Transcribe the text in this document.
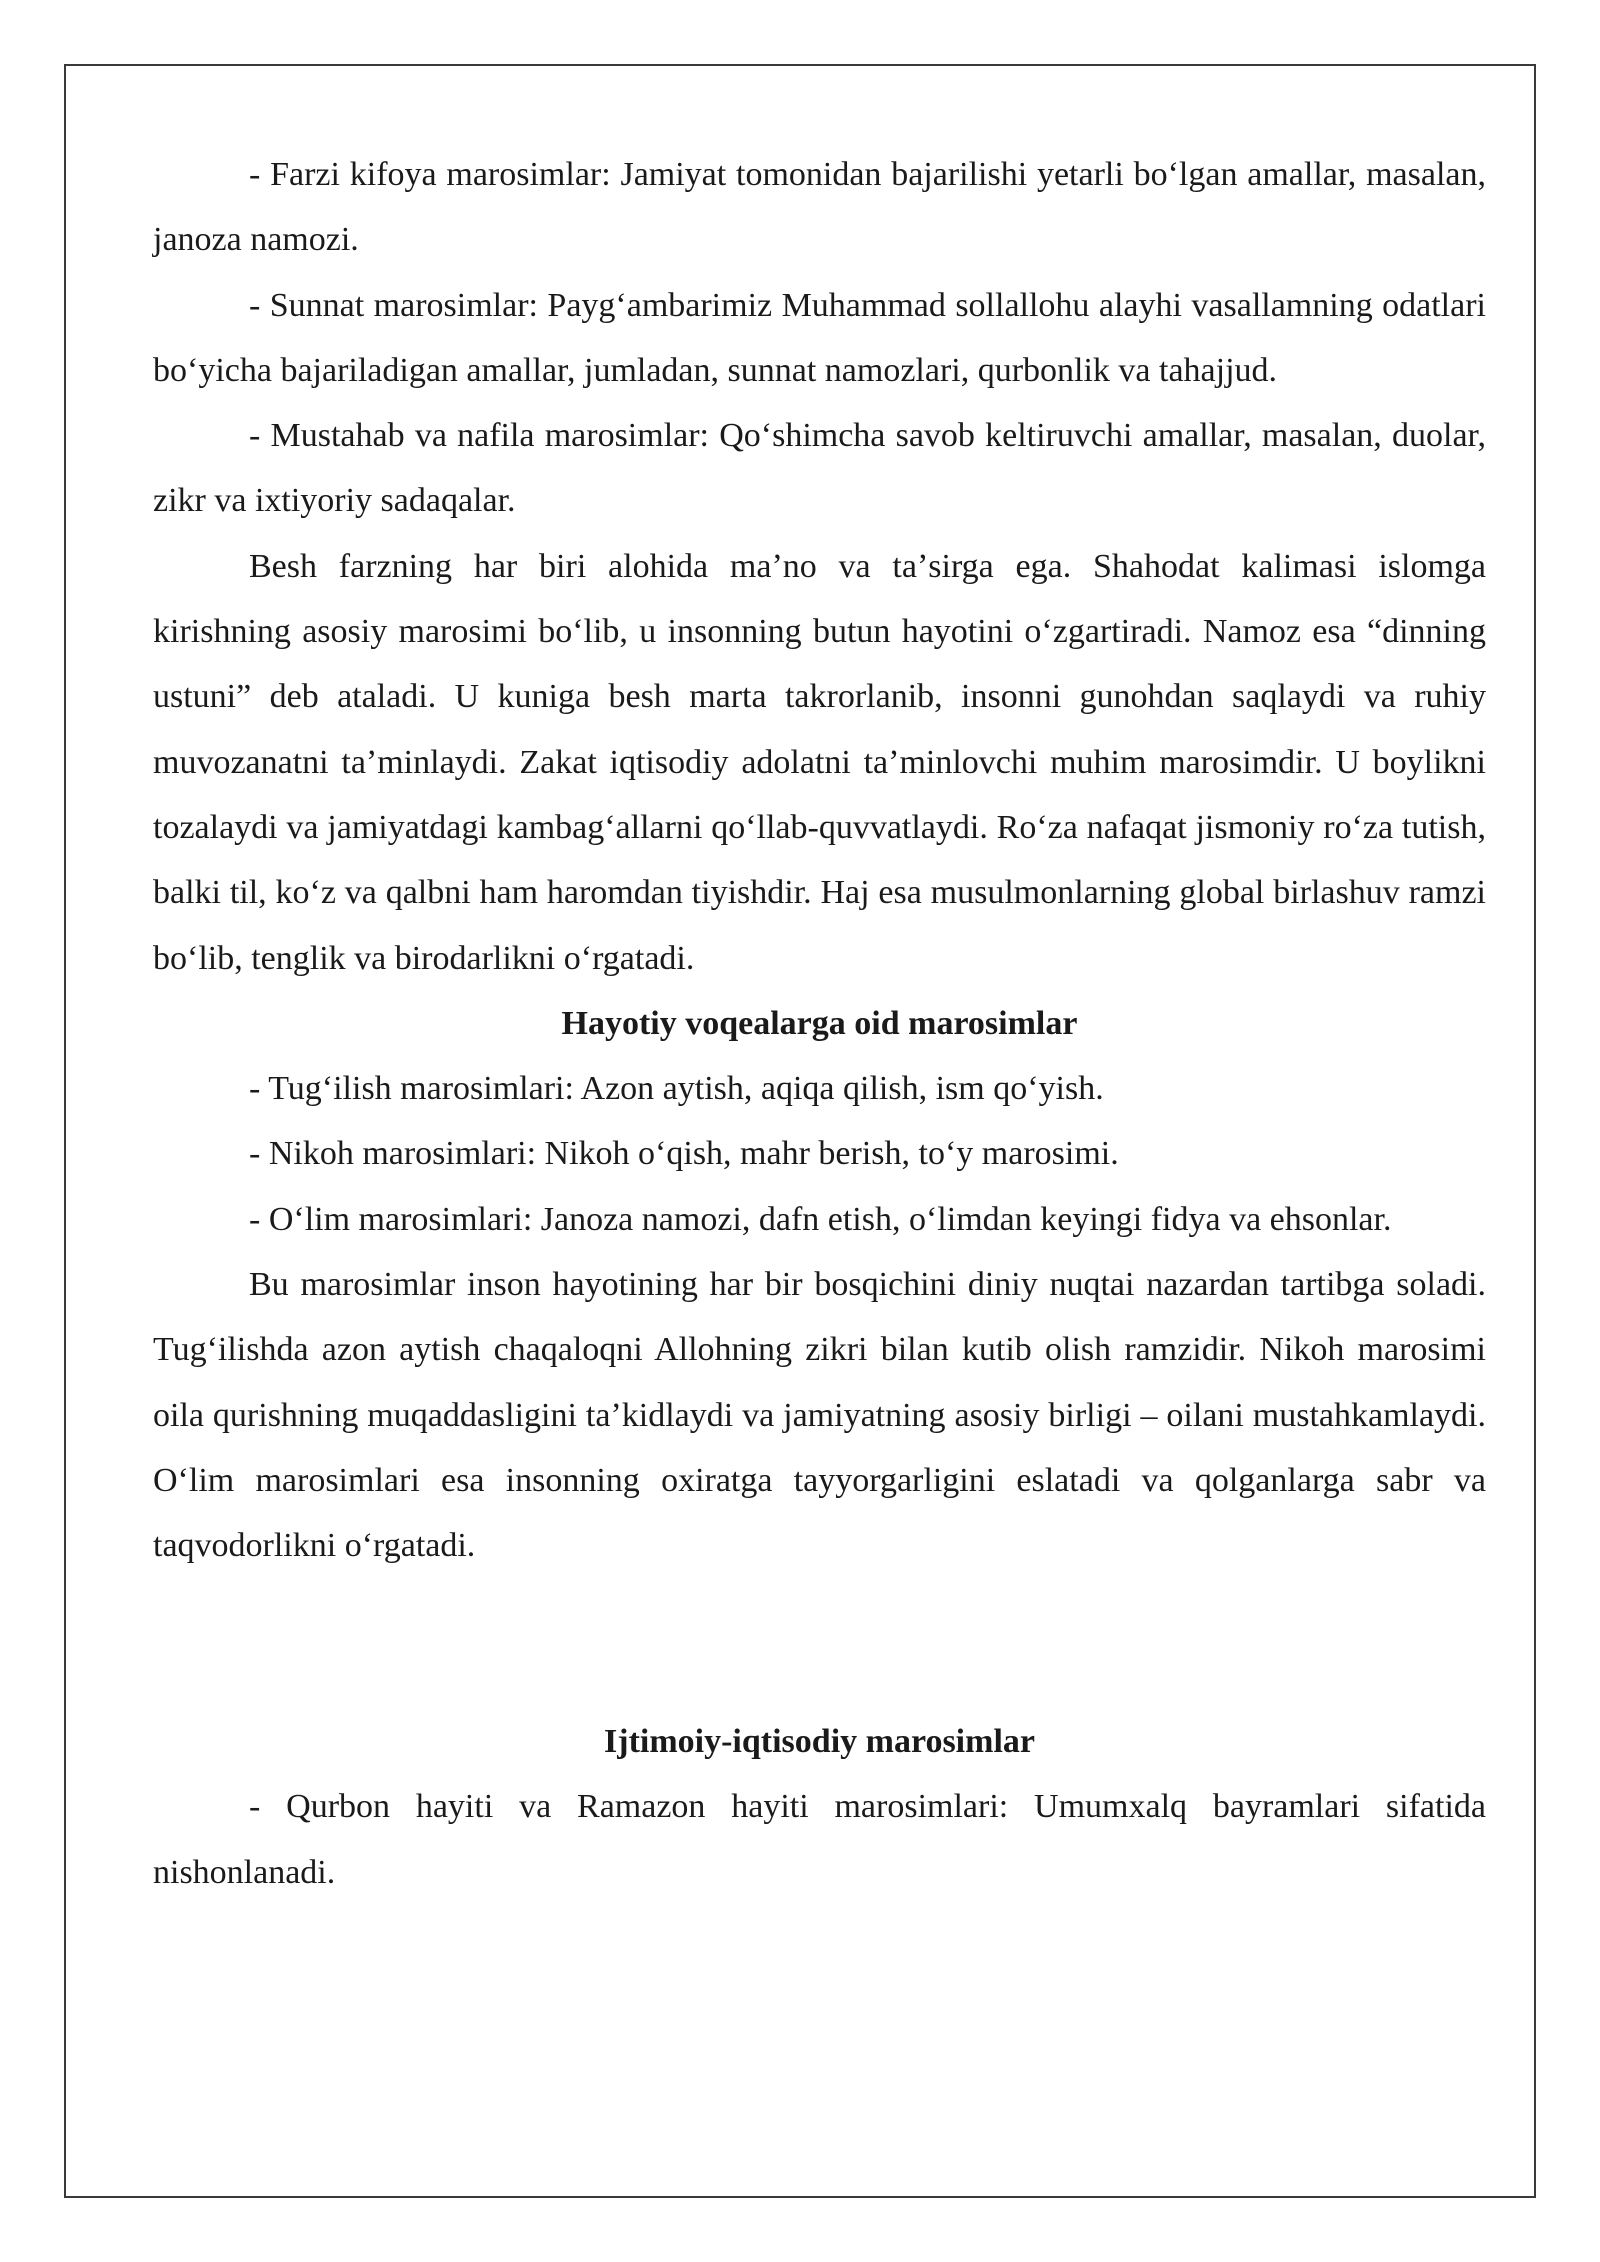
- Farzi kifoya marosimlar: Jamiyat tomonidan bajarilishi yetarli boʻlgan amallar, masalan, janoza namozi.

- Sunnat marosimlar: Paygʻambarimiz Muhammad sollallohu alayhi vasallamning odatlari boʻyicha bajariladigan amallar, jumladan, sunnat namozlari, qurbonlik va tahajjud.

- Mustahab va nafila marosimlar: Qoʻshimcha savob keltiruvchi amallar, masalan, duolar, zikr va ixtiyoriy sadaqalar.

Besh farzning har biri alohida maʼno va taʼsirga ega. Shahodat kalimasi islomga kirishning asosiy marosimi boʻlib, u insonning butun hayotini oʻzgartiradi. Namoz esa “dinning ustuni” deb ataladi. U kuniga besh marta takrorlanib, insonni gunohdan saqlaydi va ruhiy muvozanatni taʼminlaydi. Zakat iqtisodiy adolatni taʼminlovchi muhim marosimdir. U boylikni tozalaydi va jamiyatdagi kambagʻallarni qoʻllab-quvvatlaydi. Roʻza nafaqat jismoniy roʻza tutish, balki til, koʻz va qalbni ham haromdan tiyishdir. Haj esa musulmonlarning global birlashuv ramzi boʻlib, tenglik va birodarlikni oʻrgatadi.

Hayotiy voqealarga oid marosimlar

- Tugʻilish marosimlari: Azon aytish, aqiqa qilish, ism qoʻyish.

- Nikoh marosimlari: Nikoh oʻqish, mahr berish, toʻy marosimi.

- Oʻlim marosimlari: Janoza namozi, dafn etish, oʻlimdan keyingi fidya va ehsonlar.

Bu marosimlar inson hayotining har bir bosqichini diniy nuqtai nazardan tartibga soladi. Tugʻilishda azon aytish chaqaloqni Allohning zikri bilan kutib olish ramzidir. Nikoh marosimi oila qurishning muqaddasligini taʼkidlaydi va jamiyatning asosiy birligi – oilani mustahkamlaydi. Oʻlim marosimlari esa insonning oxiratga tayyorgarligini eslatadi va qolganlarga sabr va taqvodorlikni oʻrgatadi.

Ijtimoiy-iqtisodiy marosimlar

- Qurbon hayiti va Ramazon hayiti marosimlari: Umumxalq bayramlari sifatida nishonlanadi.
